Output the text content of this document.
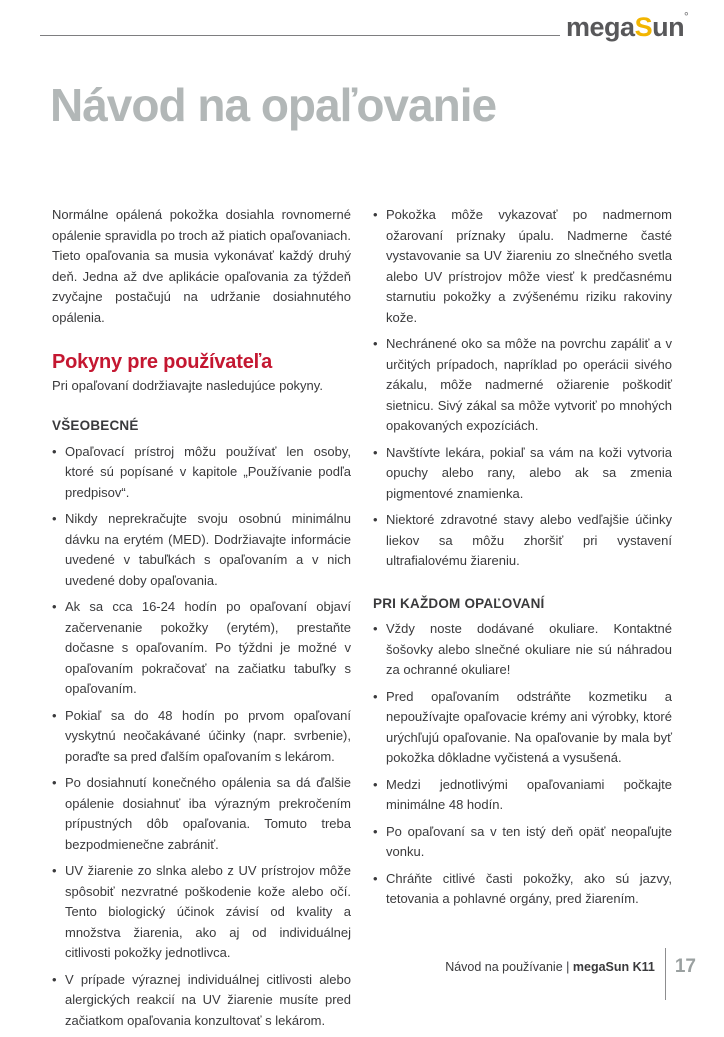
megaSun°
Návod na opaľovanie

Normálne opálená pokožka dosiahla rovnomerné opálenie spravidla po troch až piatich opaľovaniach. Tieto opaľovania sa musia vykonávať každý druhý deň. Jedna až dve aplikácie opaľovania za týždeň zvyčajne postačujú na udržanie dosiahnutého opálenia.

Pokyny pre používateľa

Pri opaľovaní dodržiavajte nasledujúce pokyny.

VŠEOBECNÉ
• Opaľovací prístroj môžu používať len osoby, ktoré sú popísané v kapitole „Používanie podľa predpisov“.
• Nikdy neprekračujte svoju osobnú minimálnu dávku na erytém (MED). Dodržiavajte informácie uvedené v tabuľkách s opaľovaním a v nich uvedené doby opaľovania.
• Ak sa cca 16-24 hodín po opaľovaní objaví začervenanie pokožky (erytém), prestaňte dočasne s opaľovaním. Po týždni je možné v opaľovaním pokračovať na začiatku tabuľky s opaľovaním.
• Pokiaľ sa do 48 hodín po prvom opaľovaní vyskytnú neočakávané účinky (napr. svrbenie), poraďte sa pred ďalším opaľovaním s lekárom.
• Po dosiahnutí konečného opálenia sa dá ďalšie opálenie dosiahnuť iba výrazným prekročením prípustných dôb opaľovania. Tomuto treba bezpodmienečne zabrániť.
• UV žiarenie zo slnka alebo z UV prístrojov môže spôsobiť nezvratné poškodenie kože alebo očí. Tento biologický účinok závisí od kvality a množstva žiarenia, ako aj od individuálnej citlivosti pokožky jednotlivca.
• V prípade výraznej individuálnej citlivosti alebo alergických reakcií na UV žiarenie musíte pred začiatkom opaľovania konzultovať s lekárom.
• Pokožka môže vykazovať po nadmernom ožarovaní príznaky úpalu. Nadmerne časté vystavovanie sa UV žiareniu zo slnečného svetla alebo UV prístrojov môže viesť k predčasnému starnutiu pokožky a zvýšenému riziku rakoviny kože.
• Nechránené oko sa môže na povrchu zapáliť a v určitých prípadoch, napríklad po operácii sivého zákalu, môže nadmerné ožiarenie poškodiť sietnicu. Sivý zákal sa môže vytvoriť po mnohých opakovaných expozíciách.
• Navštívte lekára, pokiaľ sa vám na koži vytvoria opuchy alebo rany, alebo ak sa zmenia pigmentové znamienka.
• Niektoré zdravotné stavy alebo vedľajšie účinky liekov sa môžu zhoršiť pri vystavení ultrafialovému žiareniu.
PRI KAŽDOM OPAĽOVANÍ
• Vždy noste dodávané okuliare. Kontaktné šošovky alebo slnečné okuliare nie sú náhradou za ochranné okuliare!
• Pred opaľovaním odstráňte kozmetiku a nepoužívajte opaľovacie krémy ani výrobky, ktoré urýchľujú opaľovanie. Na opaľovanie by mala byť pokožka dôkladne vyčistená a vysušená.
• Medzi jednotlivými opaľovaniami počkajte minimálne 48 hodín.
• Po opaľovaní sa v ten istý deň opäť neopaľujte vonku.
• Chráňte citlivé časti pokožky, ako sú jazvy, tetovania a pohlavné orgány, pred žiarením.
Návod na používanie | megaSun K11 17
